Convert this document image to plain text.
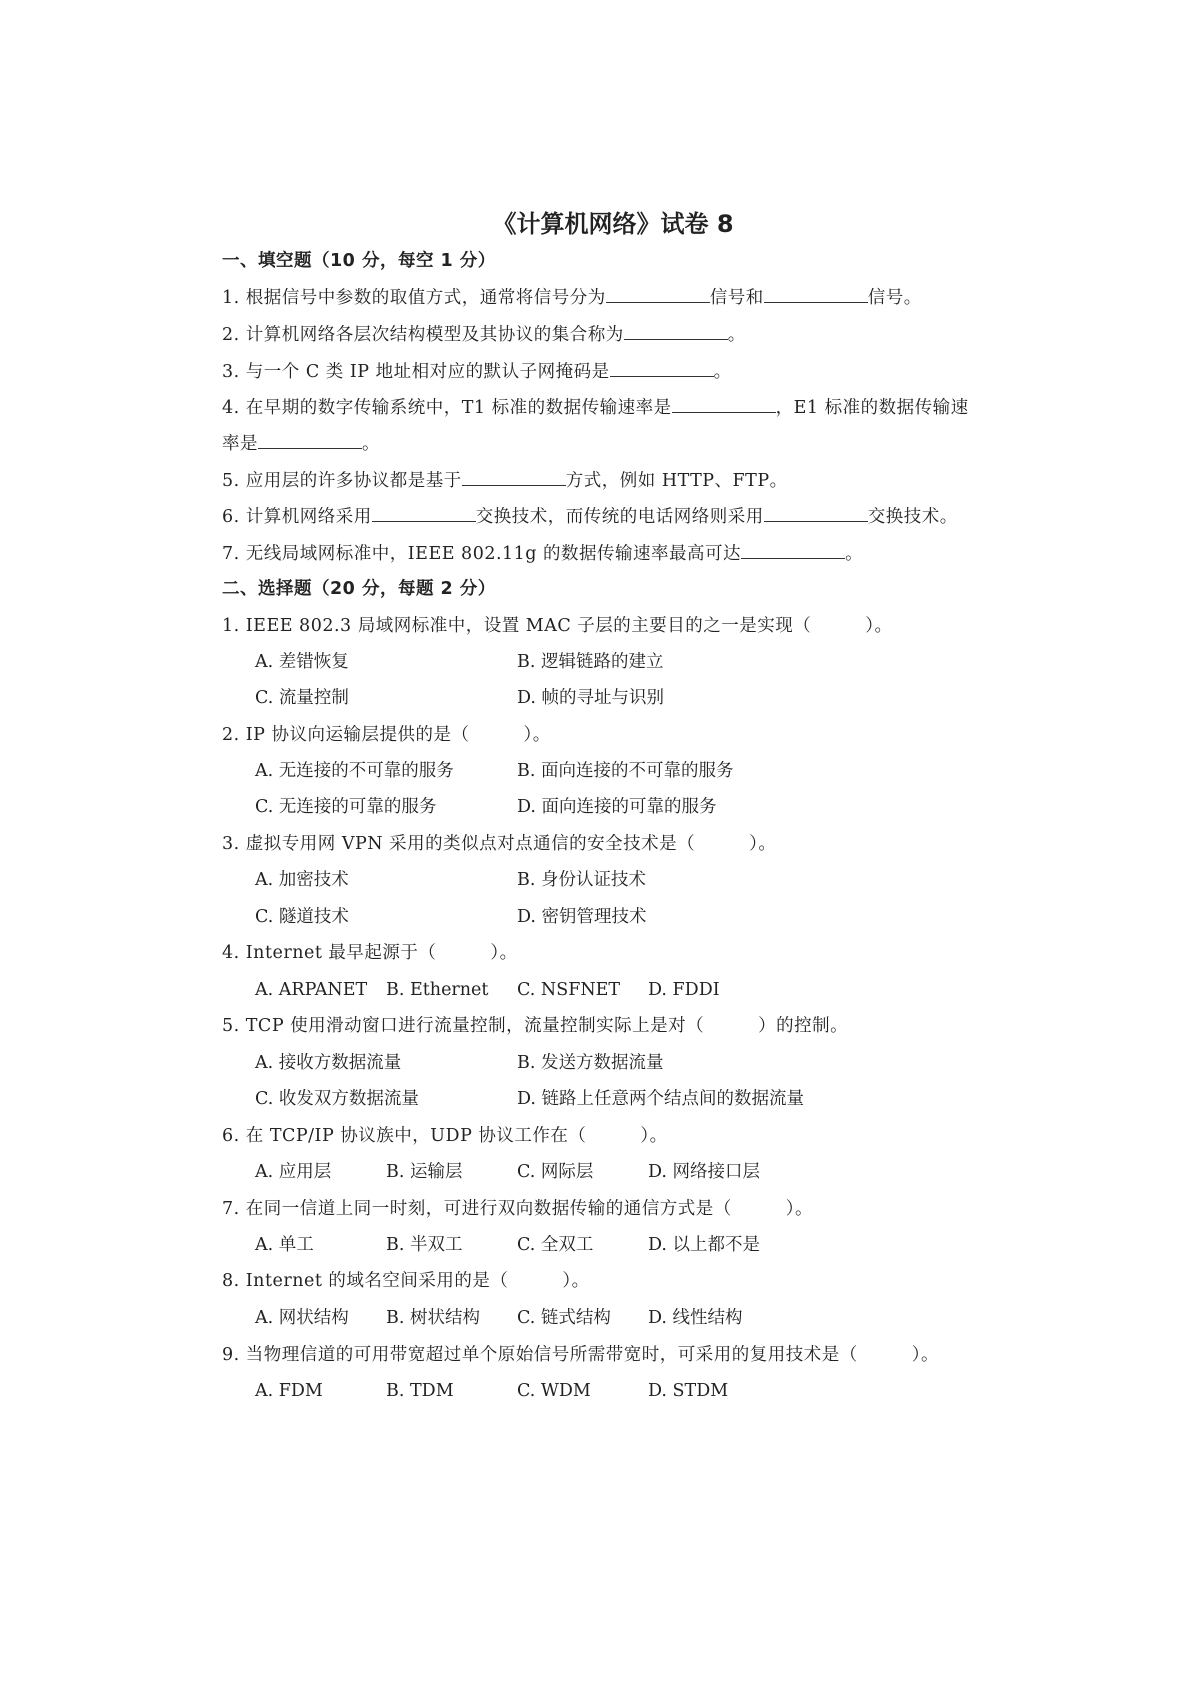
《计算机网络》试卷 8
一、填空题（10 分，每空 1 分）
1. 根据信号中参数的取值方式，通常将信号分为	信号和	信号。
2. 计算机网络各层次结构模型及其协议的集合称为	。
3. 与一个 C 类 IP 地址相对应的默认子网掩码是	。
4. 在早期的数字传输系统中，T1 标准的数据传输速率是	，E1 标准的数据传输速
率是	。
5. 应用层的许多协议都是基于	方式，例如 HTTP、FTP。
6. 计算机网络采用	交换技术，而传统的电话网络则采用	交换技术。
7. 无线局域网标准中，IEEE 802.11g 的数据传输速率最高可达	。
二、选择题（20 分，每题 2 分）
1. IEEE 802.3 局域网标准中，设置 MAC 子层的主要目的之一是实现（　　　）。
A. 差错恢复	B. 逻辑链路的建立
C. 流量控制	D. 帧的寻址与识别
2. IP 协议向运输层提供的是（　　　）。
A. 无连接的不可靠的服务	B. 面向连接的不可靠的服务
C. 无连接的可靠的服务	D. 面向连接的可靠的服务
3. 虚拟专用网 VPN 采用的类似点对点通信的安全技术是（　　　）。
A. 加密技术	B. 身份认证技术
C. 隧道技术	D. 密钥管理技术
4. Internet 最早起源于（　　　）。
A. ARPANET B. Ethernet C. NSFNET D. FDDI
5. TCP 使用滑动窗口进行流量控制，流量控制实际上是对（　　　）的控制。
A. 接收方数据流量	B. 发送方数据流量
C. 收发双方数据流量	D. 链路上任意两个结点间的数据流量
6. 在 TCP/IP 协议族中，UDP 协议工作在（　　　）。
A. 应用层	B. 运输层	C. 网际层	D. 网络接口层
7. 在同一信道上同一时刻，可进行双向数据传输的通信方式是（　　　）。
A. 单工	B. 半双工	C. 全双工	D. 以上都不是
8. Internet 的域名空间采用的是（　　　）。
A. 网状结构 B. 树状结构 C. 链式结构 D. 线性结构
9. 当物理信道的可用带宽超过单个原始信号所需带宽时，可采用的复用技术是（　　　）。
A. FDM	B. TDM	C. WDM	D. STDM
